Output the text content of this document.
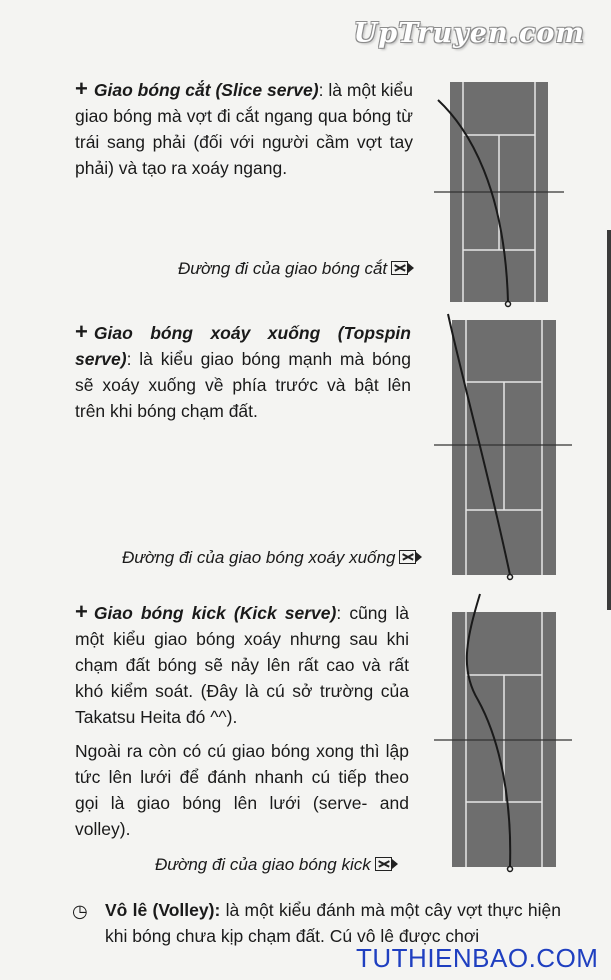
UpTruyen.com

+ Giao bóng cắt (Slice serve): là một kiểu giao bóng mà vợt đi cắt ngang qua bóng từ trái sang phải (đối với người cầm vợt tay phải) và tạo ra xoáy ngang.

Đường đi của giao bóng cắt

+ Giao bóng xoáy xuống (Topspin serve): là kiểu giao bóng mạnh mà bóng sẽ xoáy xuống về phía trước và bật lên trên khi bóng chạm đất.

Đường đi của giao bóng xoáy xuống

+ Giao bóng kick (Kick serve): cũng là một kiểu giao bóng xoáy nhưng sau khi chạm đất bóng sẽ nảy lên rất cao và rất khó kiểm soát. (Đây là cú sở trường của Takatsu Heita đó ^^).

Ngoài ra còn có cú giao bóng xong thì lập tức lên lưới để đánh nhanh cú tiếp theo gọi là giao bóng lên lưới (serve- and volley).

Đường đi của giao bóng kick
◷ Vô lê (Volley): là một kiểu đánh mà một cây vợt thực hiện khi bóng chưa kịp chạm đất. Cú vô lê được chơi

TUTHIENBAO.COM
